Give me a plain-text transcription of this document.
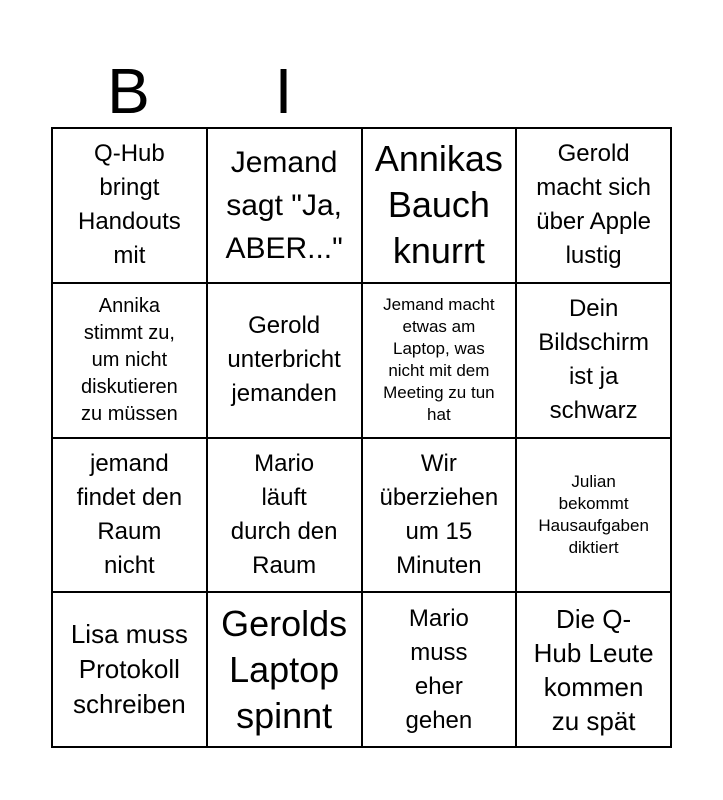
B	I
Q-Hub
bringt
Handouts
mit
Jemand
sagt "Ja,
ABER..."
Annikas
Bauch
knurrt
Gerold
macht sich
über Apple
lustig
Annika
stimmt zu,
um nicht
diskutieren
zu müssen
Gerold
unterbricht
jemanden
Jemand macht
etwas am
Laptop, was
nicht mit dem
Meeting zu tun
hat
Dein
Bildschirm
ist ja
schwarz
jemand
findet den
Raum
nicht
Mario
läuft
durch den
Raum
Wir
überziehen
um 15
Minuten
Julian
bekommt
Hausaufgaben
diktiert
Lisa muss
Protokoll
schreiben
Gerolds
Laptop
spinnt
Mario
muss
eher
gehen
Die Q-
Hub Leute
kommen
zu spät
